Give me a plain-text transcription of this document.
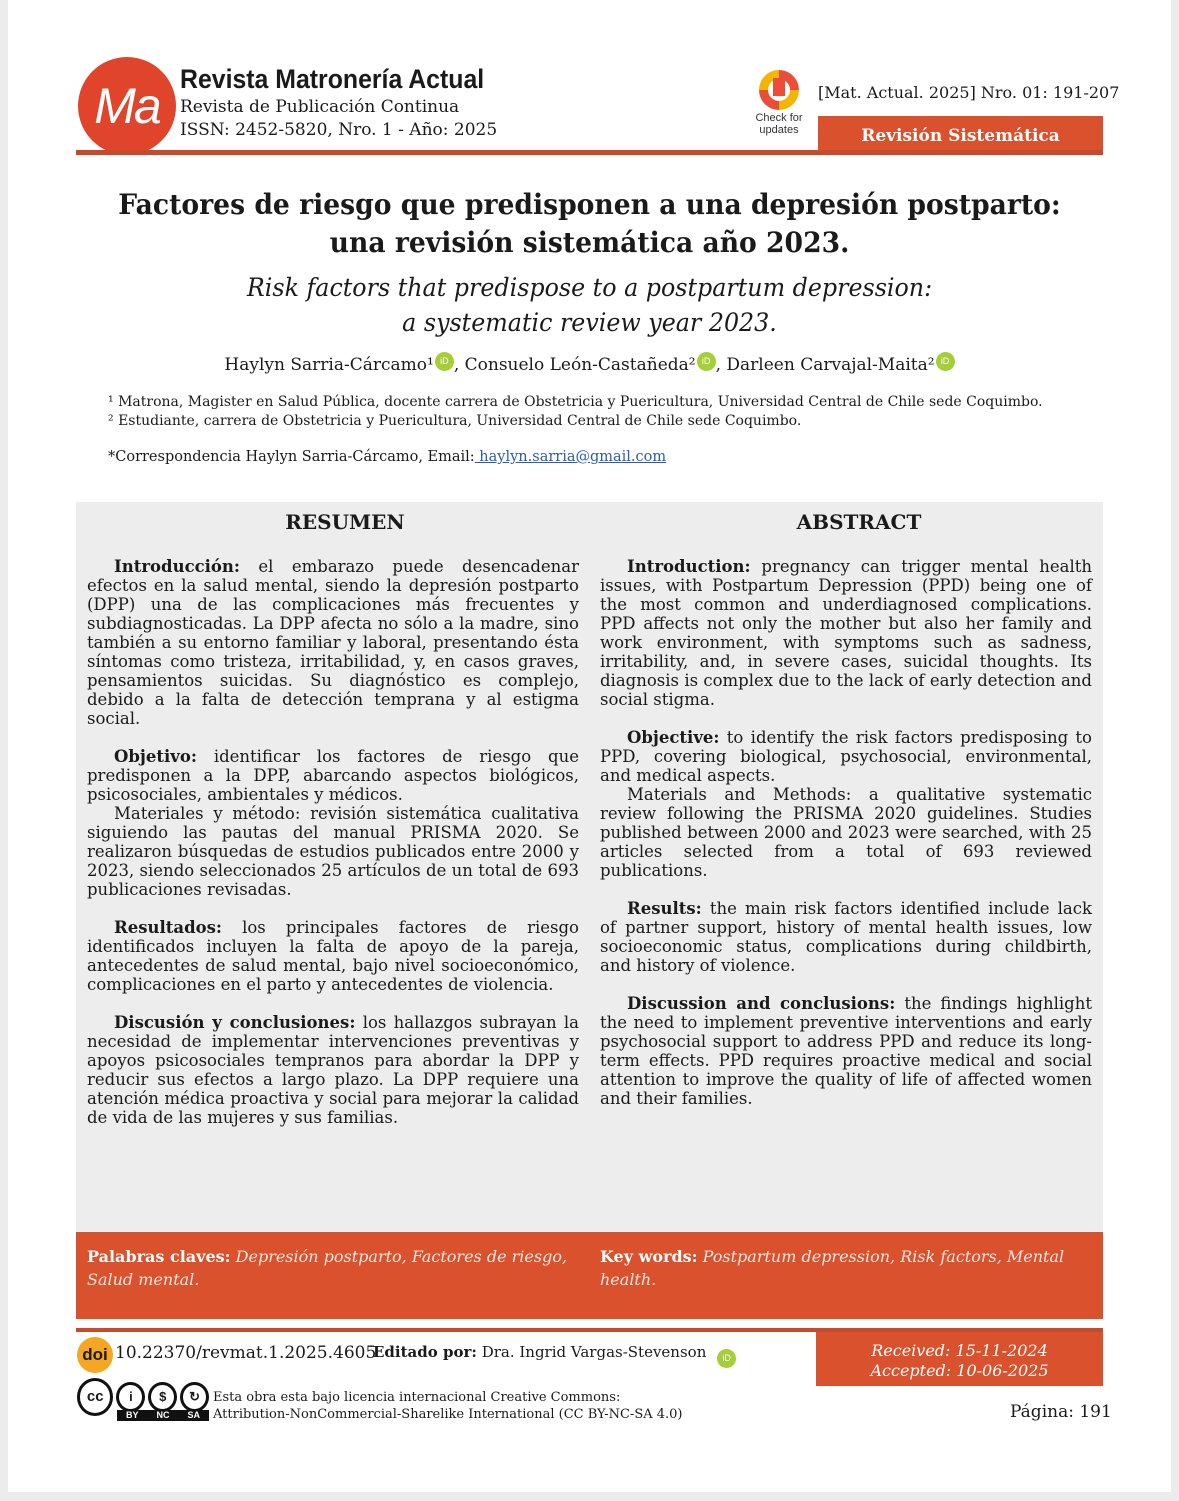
Ma Revista Matronería Actual
Revista de Publicación Continua
ISSN: 2452-5820, Nro. 1 - Año: 2025
Check for updates
[Mat. Actual. 2025] Nro. 01: 191-207
Revisión Sistemática
Factores de riesgo que predisponen a una depresión postparto:
una revisión sistemática año 2023.
Risk factors that predispose to a postpartum depression:
a systematic review year 2023.
Haylyn Sarria-Cárcamo¹ iD , Consuelo León-Castañeda² iD , Darleen Carvajal-Maita² iD
¹ Matrona, Magister en Salud Pública, docente carrera de Obstetricia y Puericultura, Universidad Central de Chile sede Coquimbo.
² Estudiante, carrera de Obstetricia y Puericultura, Universidad Central de Chile sede Coquimbo.
*Correspondencia Haylyn Sarria-Cárcamo, Email: haylyn.sarria@gmail.com
RESUMEN	ABSTRACT

Introducción: el embarazo puede desencadenar efectos en la salud mental, siendo la depresión postparto (DPP) una de las complicaciones más frecuentes y subdiagnosticadas. La DPP afecta no sólo a la madre, sino también a su entorno familiar y laboral, presentando ésta síntomas como tristeza, irritabilidad, y, en casos graves, pensamientos suicidas. Su diagnóstico es complejo, debido a la falta de detección temprana y al estigma social.

Objetivo: identificar los factores de riesgo que predisponen a la DPP, abarcando aspectos biológicos, psicosociales, ambientales y médicos.

Materiales y método: revisión sistemática cualitativa siguiendo las pautas del manual PRISMA 2020. Se realizaron búsquedas de estudios publicados entre 2000 y 2023, siendo seleccionados 25 artículos de un total de 693 publicaciones revisadas.

Resultados: los principales factores de riesgo identificados incluyen la falta de apoyo de la pareja, antecedentes de salud mental, bajo nivel socioeconómico, complicaciones en el parto y antecedentes de violencia.

Discusión y conclusiones: los hallazgos subrayan la necesidad de implementar intervenciones preventivas y apoyos psicosociales tempranos para abordar la DPP y reducir sus efectos a largo plazo. La DPP requiere una atención médica proactiva y social para mejorar la calidad de vida de las mujeres y sus familias.

Introduction: pregnancy can trigger mental health issues, with Postpartum Depression (PPD) being one of the most common and underdiagnosed complications. PPD affects not only the mother but also her family and work environment, with symptoms such as sadness, irritability, and, in severe cases, suicidal thoughts. Its diagnosis is complex due to the lack of early detection and social stigma.

Objective: to identify the risk factors predisposing to PPD, covering biological, psychosocial, environmental, and medical aspects.

Materials and Methods: a qualitative systematic review following the PRISMA 2020 guidelines. Studies published between 2000 and 2023 were searched, with 25 articles selected from a total of 693 reviewed publications.

Results: the main risk factors identified include lack of partner support, history of mental health issues, low socioeconomic status, complications during childbirth, and history of violence.

Discussion and conclusions: the findings highlight the need to implement preventive interventions and early psychosocial support to address PPD and reduce its long-term effects. PPD requires proactive medical and social attention to improve the quality of life of affected women and their families.

Palabras claves: Depresión postparto, Factores de riesgo, Salud mental.
Key words: Postpartum depression, Risk factors, Mental health.
doi 10.22370/revmat.1.2025.4605
Editado por: Dra. Ingrid Vargas-Stevenson iD	Received: 15-11-2024
Accepted: 10-06-2025
cc	i	$	↻
BY NC SA
Esta obra esta bajo licencia internacional Creative Commons:
Attribution-NonCommercial-Sharelike International (CC BY-NC-SA 4.0)	Página: 191
